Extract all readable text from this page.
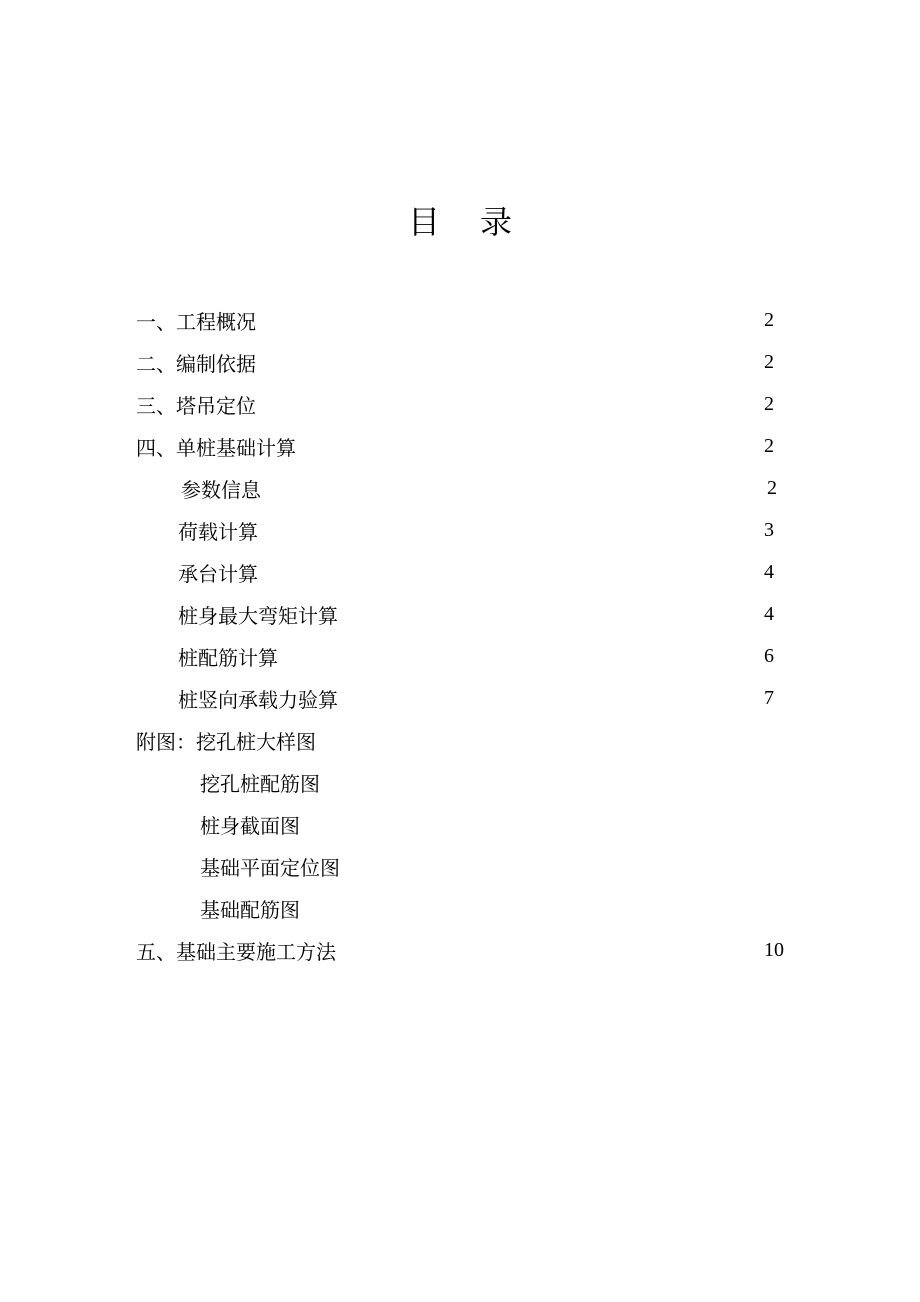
目 录
一、工程概况	2
二、编制依据	2
三、塔吊定位	2
四、单桩基础计算	2
参数信息	2
荷载计算	3
承台计算	4
桩身最大弯矩计算	4
桩配筋计算	6
桩竖向承载力验算	7
附图：挖孔桩大样图
挖孔桩配筋图
桩身截面图
基础平面定位图
基础配筋图
五、基础主要施工方法	10
